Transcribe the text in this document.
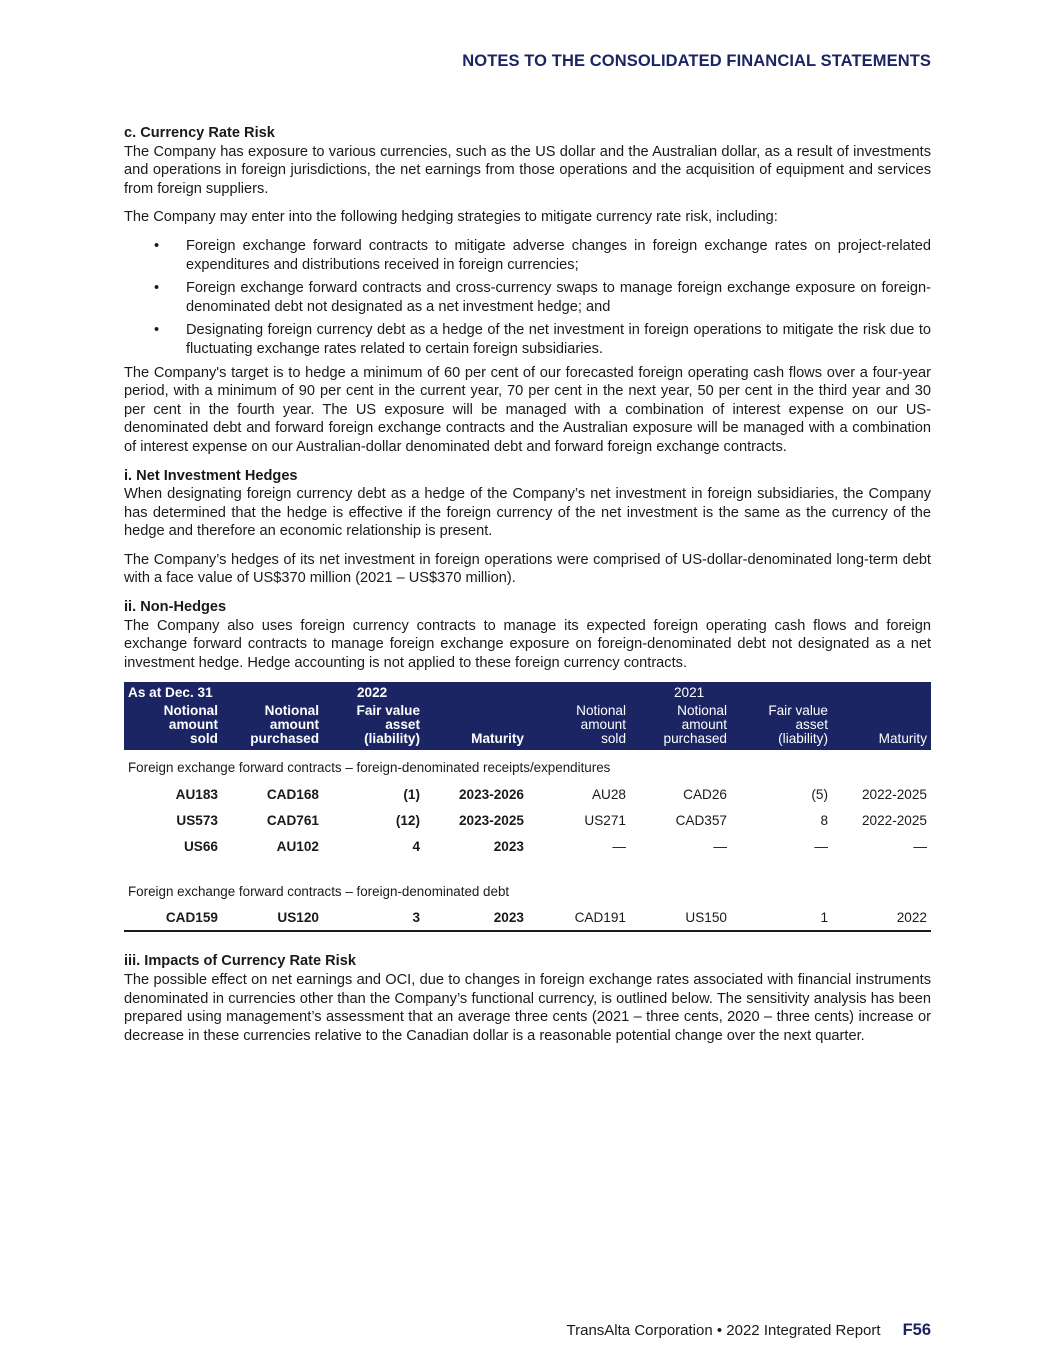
NOTES TO THE CONSOLIDATED FINANCIAL STATEMENTS
c. Currency Rate Risk

The Company has exposure to various currencies, such as the US dollar and the Australian dollar, as a result of investments and operations in foreign jurisdictions, the net earnings from those operations and the acquisition of equipment and services from foreign suppliers.

The Company may enter into the following hedging strategies to mitigate currency rate risk, including:

• Foreign exchange forward contracts to mitigate adverse changes in foreign exchange rates on project-related expenditures and distributions received in foreign currencies;
• Foreign exchange forward contracts and cross-currency swaps to manage foreign exchange exposure on foreign-denominated debt not designated as a net investment hedge; and
• Designating foreign currency debt as a hedge of the net investment in foreign operations to mitigate the risk due to fluctuating exchange rates related to certain foreign subsidiaries.

The Company's target is to hedge a minimum of 60 per cent of our forecasted foreign operating cash flows over a four-year period, with a minimum of 90 per cent in the current year, 70 per cent in the next year, 50 per cent in the third year and 30 per cent in the fourth year. The US exposure will be managed with a combination of interest expense on our US-denominated debt and forward foreign exchange contracts and the Australian exposure will be managed with a combination of interest expense on our Australian-dollar denominated debt and forward foreign exchange contracts.

i. Net Investment Hedges

When designating foreign currency debt as a hedge of the Company’s net investment in foreign subsidiaries, the Company has determined that the hedge is effective if the foreign currency of the net investment is the same as the currency of the hedge and therefore an economic relationship is present.

The Company’s hedges of its net investment in foreign operations were comprised of US-dollar-denominated long-term debt with a face value of US$370 million (2021 – US$370 million).

ii. Non-Hedges

The Company also uses foreign currency contracts to manage its expected foreign operating cash flows and foreign exchange forward contracts to manage foreign exchange exposure on foreign-denominated debt not designated as a net investment hedge. Hedge accounting is not applied to these foreign currency contracts.

As at Dec. 31		2022		2021			
Notional
amount
sold	Notional
amount
purchased	Fair value
asset
(liability)	Maturity	Notional
amount
sold	Notional
amount
purchased	Fair value
asset
(liability)	Maturity
Foreign exchange forward contracts – foreign-denominated receipts/expenditures							
AU183	CAD168	(1)	2023-2026	AU28	CAD26	(5)	2022-2025
US573	CAD761	(12)	2023-2025	US271	CAD357	8	2022-2025
US66	AU102	4	2023	—	—	—	—

Foreign exchange forward contracts – foreign-denominated debt							
CAD159	US120	3	2023	CAD191	US150	1	2022
iii. Impacts of Currency Rate Risk

The possible effect on net earnings and OCI, due to changes in foreign exchange rates associated with financial instruments denominated in currencies other than the Company’s functional currency, is outlined below. The sensitivity analysis has been prepared using management’s assessment that an average three cents (2021 – three cents, 2020 – three cents) increase or decrease in these currencies relative to the Canadian dollar is a reasonable potential change over the next quarter.

TransAlta Corporation • 2022 Integrated Report F56
